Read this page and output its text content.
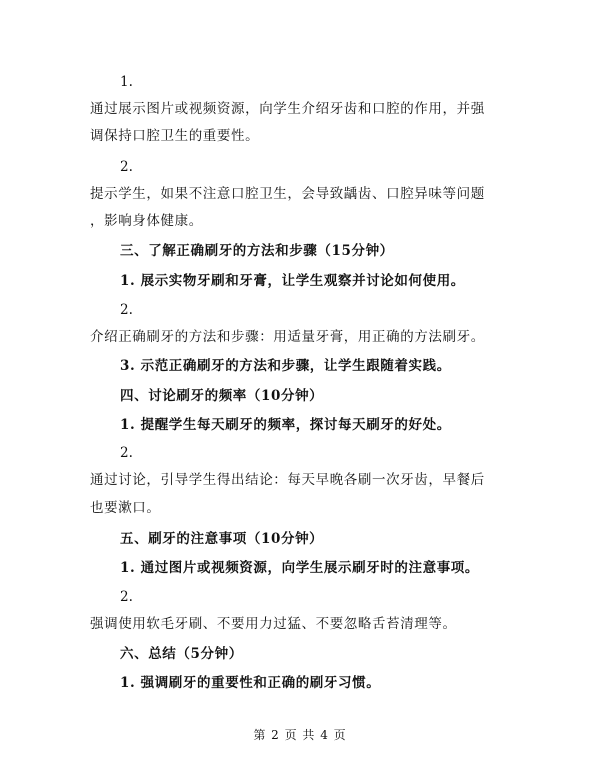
1.
通过展示图片或视频资源，向学生介绍牙齿和口腔的作用，并强
调保持口腔卫生的重要性。
2.
提示学生，如果不注意口腔卫生，会导致龋齿、口腔异味等问题
，影响身体健康。
三、了解正确刷牙的方法和步骤（15分钟）
1. 展示实物牙刷和牙膏，让学生观察并讨论如何使用。
2.
介绍正确刷牙的方法和步骤：用适量牙膏，用正确的方法刷牙。
3. 示范正确刷牙的方法和步骤，让学生跟随着实践。
四、讨论刷牙的频率（10分钟）
1. 提醒学生每天刷牙的频率，探讨每天刷牙的好处。
2.
通过讨论，引导学生得出结论：每天早晚各刷一次牙齿，早餐后
也要漱口。
五、刷牙的注意事项（10分钟）
1. 通过图片或视频资源，向学生展示刷牙时的注意事项。
2.
强调使用软毛牙刷、不要用力过猛、不要忽略舌苔清理等。
六、总结（5分钟）
1. 强调刷牙的重要性和正确的刷牙习惯。
第 2 页 共 4 页
